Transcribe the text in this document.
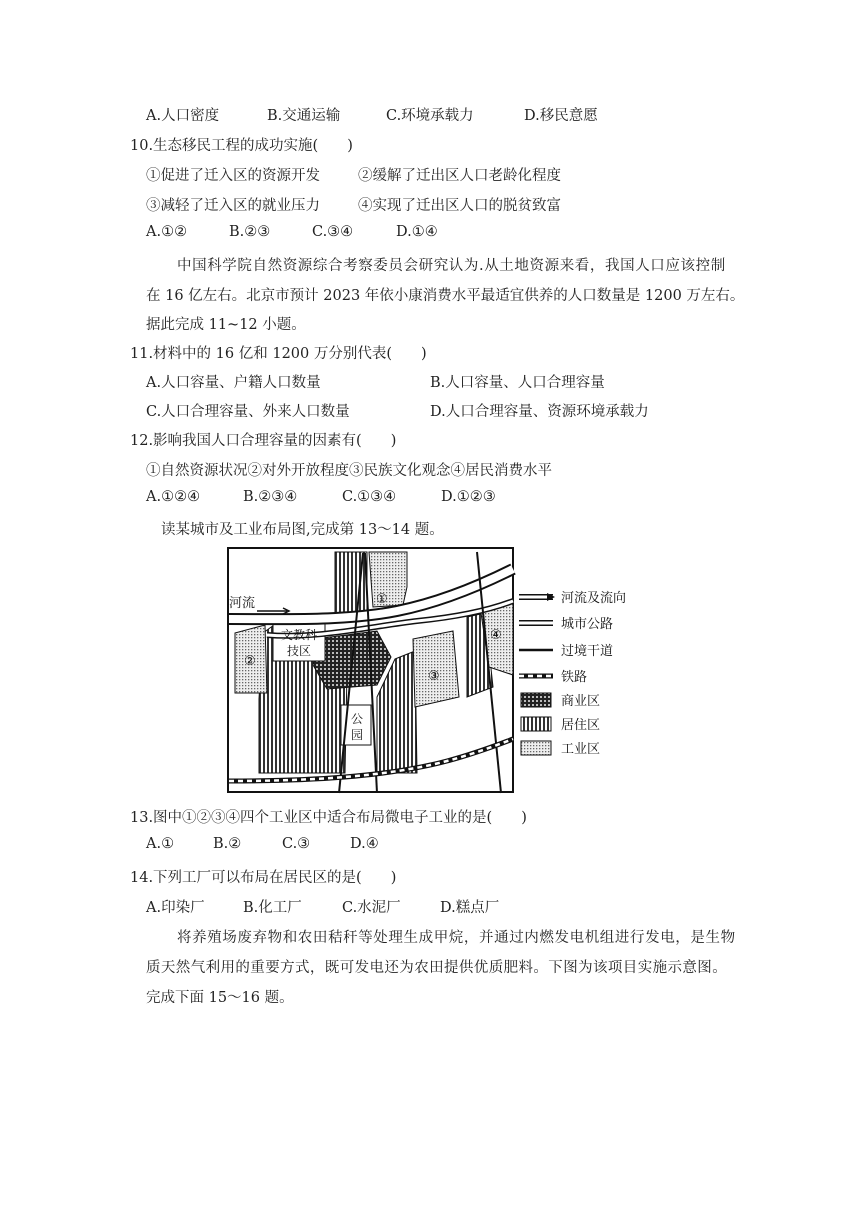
A.人口密度	B.交通运输	C.环境承载力	D.移民意愿
10.生态移民工程的成功实施(　　)
①促进了迁入区的资源开发	②缓解了迁出区人口老龄化程度
③减轻了迁入区的就业压力	④实现了迁出区人口的脱贫致富
A.①②	B.②③	C.③④	D.①④
中国科学院自然资源综合考察委员会研究认为.从土地资源来看，我国人口应该控制
在 16 亿左右。北京市预计 2023 年依小康消费水平最适宜供养的人口数量是 1200 万左右。
据此完成 11~12 小题。
11.材料中的 16 亿和 1200 万分别代表(　　)
A.人口容量、户籍人口数量	B.人口容量、人口合理容量
C.人口合理容量、外来人口数量	D.人口合理容量、资源环境承载力
12.影响我国人口合理容量的因素有(　　)
①自然资源状况②对外开放程度③民族文化观念④居民消费水平
A.①②④	B.②③④	C.①③④	D.①②③
读某城市及工业布局图,完成第 13～14 题。
河流
文教科
技区
公
园
①
②
③
④
河流及流向
城市公路
过境干道
铁路
商业区
居住区
工业区
13.图中①②③④四个工业区中适合布局微电子工业的是(　　)
A.①	B.②	C.③	D.④
14.下列工厂可以布局在居民区的是(　　)
A.印染厂	B.化工厂	C.水泥厂	D.糕点厂
将养殖场废弃物和农田秸秆等处理生成甲烷，并通过内燃发电机组进行发电，是生物
质天然气利用的重要方式，既可发电还为农田提供优质肥料。下图为该项目实施示意图。
完成下面 15～16 题。
